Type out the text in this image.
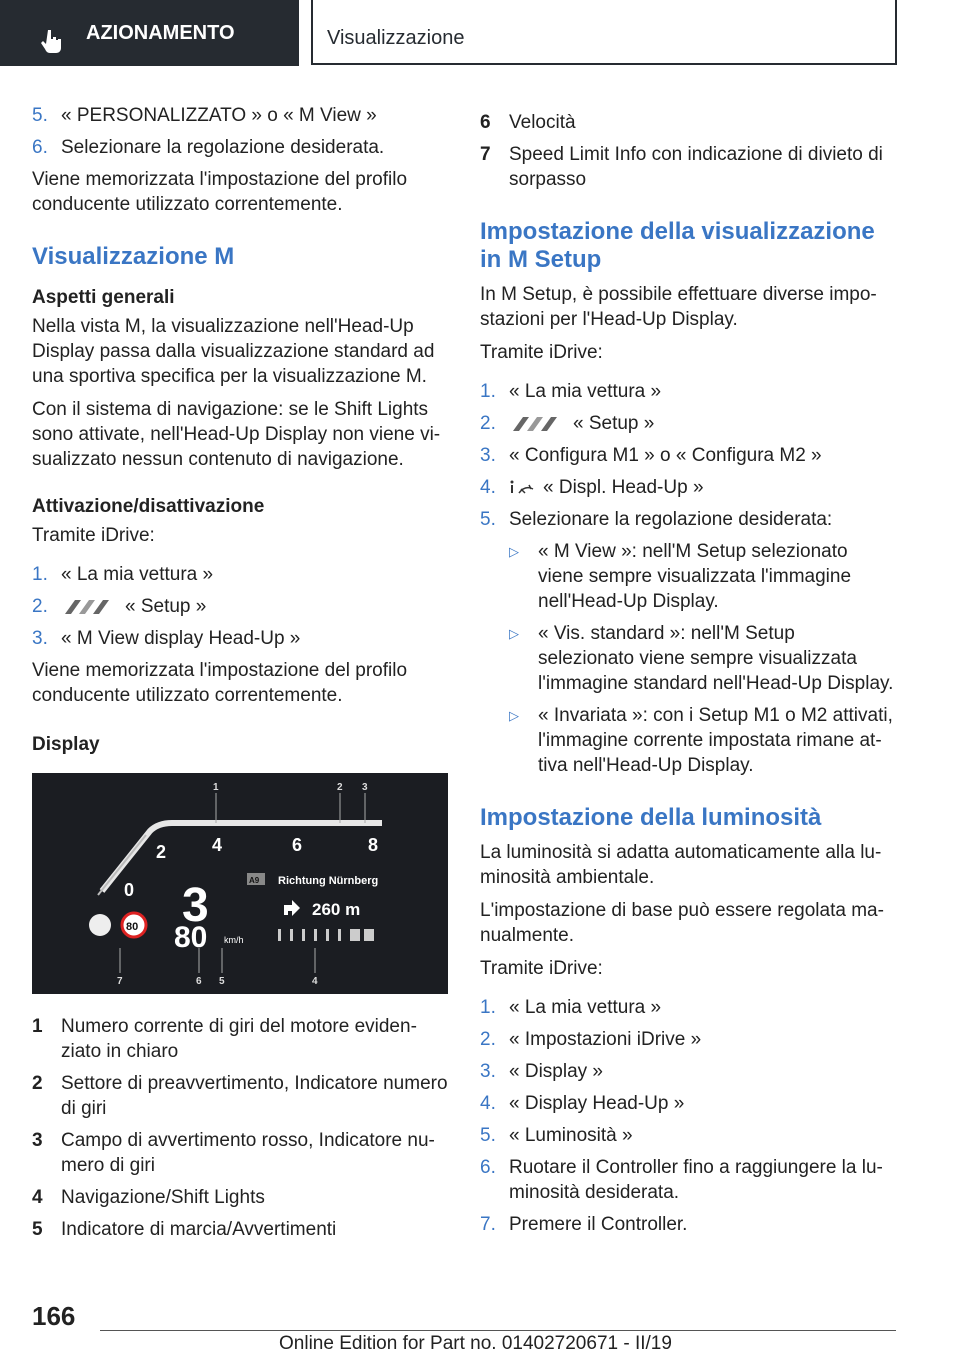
AZIONAMENTO	Visualizzazione
5. « PERSONALIZZATO » o « M View »
6. Selezionare la regolazione desiderata.

Viene memorizzata l'impostazione del profilo conducente utilizzato correntemente.

Visualizzazione M
Aspetti generali

Nella vista M, la visualizzazione nell'Head-Up Display passa dalla visualizzazione standard ad una sportiva specifica per la visualizzazione M.

Con il sistema di navigazione: se le Shift Lights sono attivate, nell'Head-Up Display non viene visualizzato nessun contenuto di navigazione.

Attivazione/disattivazione

Tramite iDrive:

1. « La mia vettura »
2.	« Setup »
3. « M View display Head-Up »

Viene memorizzata l'impostazione del profilo conducente utilizzato correntemente.

Display
1	2 3
7	6 5	4
0
2	4	6	8
3
80 km/h
80
A9 Richtung Nürnberg
260 m
1 Numero corrente di giri del motore evidenziato in chiaro
2 Settore di preavvertimento, Indicatore numero di giri
3 Campo di avvertimento rosso, Indicatore numero di giri
4 Navigazione/Shift Lights
5 Indicatore di marcia/Avvertimenti
6 Velocità
7 Speed Limit Info con indicazione di divieto di sorpasso
Impostazione della visualizzazione in M Setup

In M Setup, è possibile effettuare diverse impostazioni per l'Head-Up Display.

Tramite iDrive:

1. « La mia vettura »
2.	« Setup »
3. « Configura M1 » o « Configura M2 »
4.	« Displ. Head-Up »
5. Selezionare la regolazione desiderata:
▷	« M View »: nell'M Setup selezionato viene sempre visualizzata l'immagine nell'Head-Up Display.
▷	« Vis. standard »: nell'M Setup selezionato viene sempre visualizzata l'immagine standard nell'Head-Up Display.
▷	« Invariata »: con i Setup M1 o M2 attivati, l'immagine corrente impostata rimane attiva nell'Head-Up Display.
Impostazione della luminosità

La luminosità si adatta automaticamente alla luminosità ambientale.

L'impostazione di base può essere regolata manualmente.

Tramite iDrive:

1. « La mia vettura »
2. « Impostazioni iDrive »
3. « Display »
4. « Display Head-Up »
5. « Luminosità »
6. Ruotare il Controller fino a raggiungere la luminosità desiderata.
7. Premere il Controller.
166
Online Edition for Part no. 01402720671 - II/19
